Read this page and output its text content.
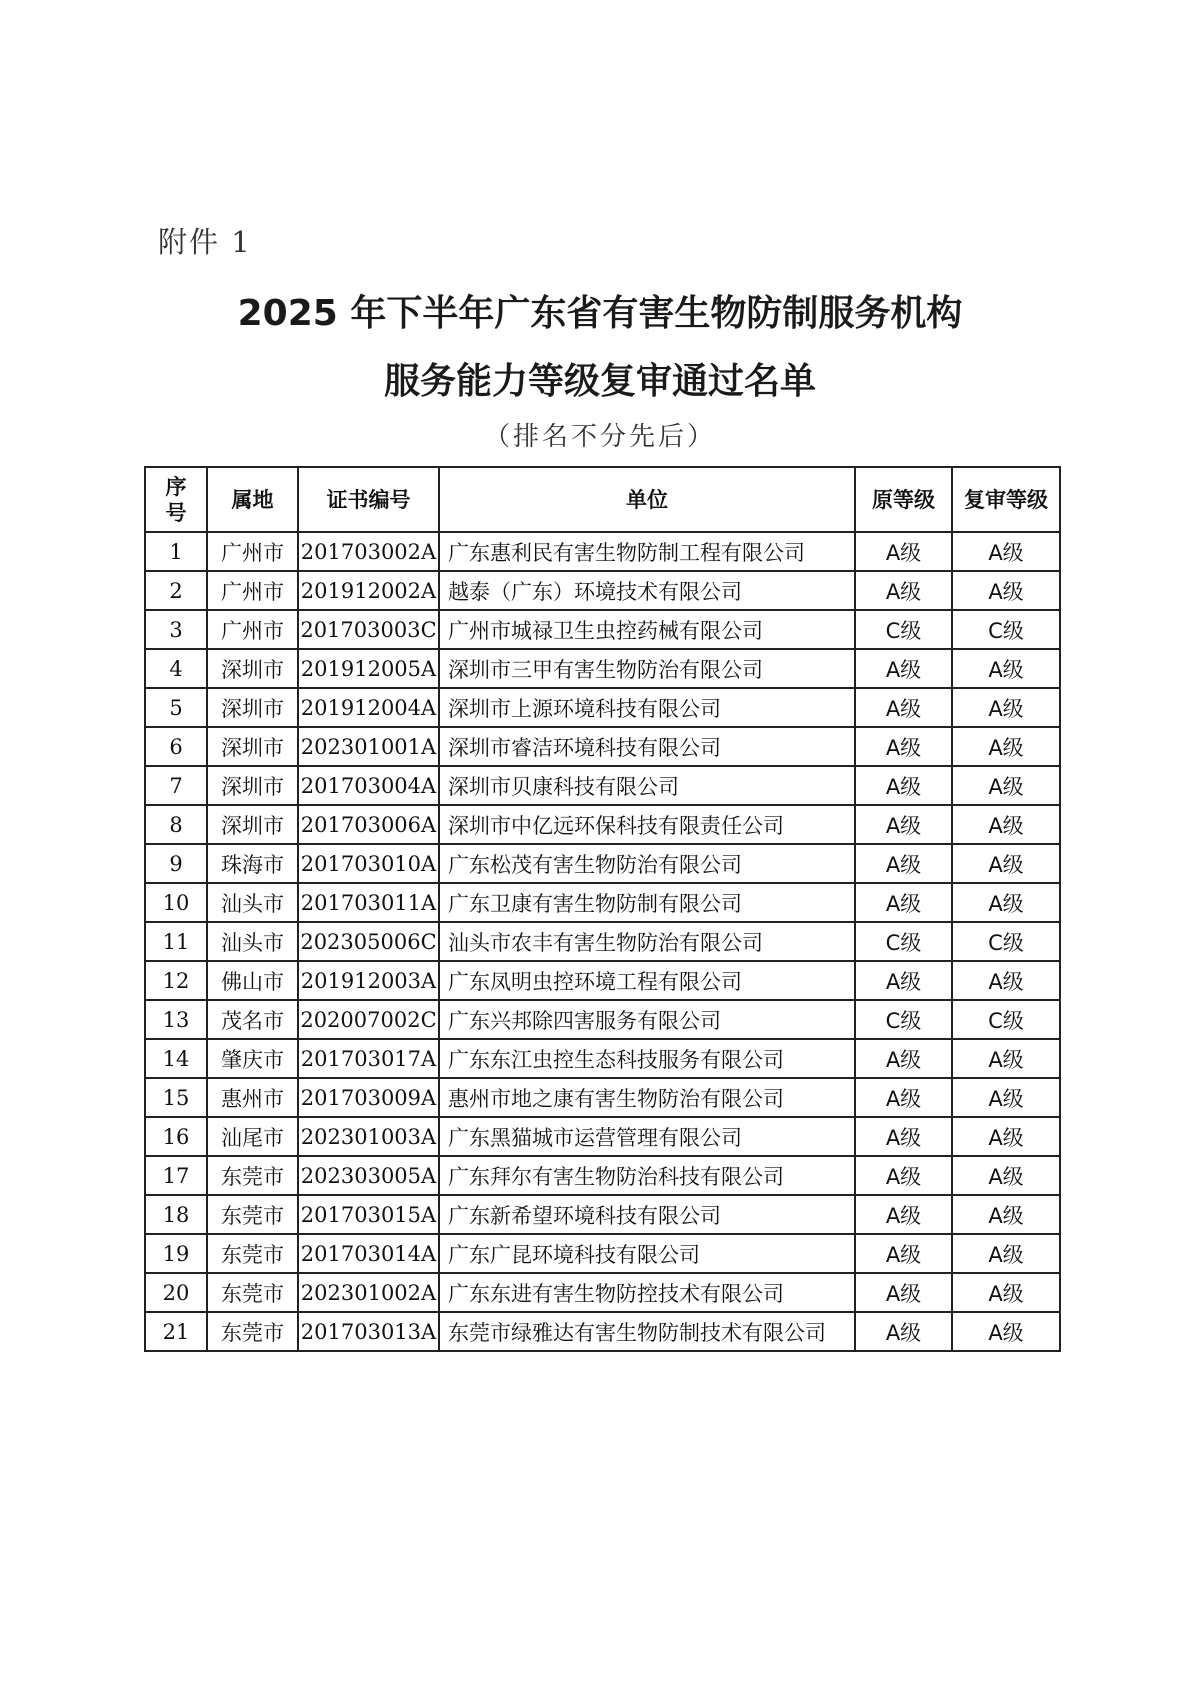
附件 1
2025 年下半年广东省有害生物防制服务机构
服务能力等级复审通过名单
（排名不分先后）
序
号	属地	证书编号	单位	原等级	复审等级
1	广州市	201703002A	广东惠利民有害生物防制工程有限公司	A级	A级
2	广州市	201912002A	越泰（广东）环境技术有限公司	A级	A级
3	广州市	201703003C	广州市城禄卫生虫控药械有限公司	C级	C级
4	深圳市	201912005A	深圳市三甲有害生物防治有限公司	A级	A级
5	深圳市	201912004A	深圳市上源环境科技有限公司	A级	A级
6	深圳市	202301001A	深圳市睿洁环境科技有限公司	A级	A级
7	深圳市	201703004A	深圳市贝康科技有限公司	A级	A级
8	深圳市	201703006A	深圳市中亿远环保科技有限责任公司	A级	A级
9	珠海市	201703010A	广东松茂有害生物防治有限公司	A级	A级
10	汕头市	201703011A	广东卫康有害生物防制有限公司	A级	A级
11	汕头市	202305006C	汕头市农丰有害生物防治有限公司	C级	C级
12	佛山市	201912003A	广东凤明虫控环境工程有限公司	A级	A级
13	茂名市	202007002C	广东兴邦除四害服务有限公司	C级	C级
14	肇庆市	201703017A	广东东江虫控生态科技服务有限公司	A级	A级
15	惠州市	201703009A	惠州市地之康有害生物防治有限公司	A级	A级
16	汕尾市	202301003A	广东黑猫城市运营管理有限公司	A级	A级
17	东莞市	202303005A	广东拜尔有害生物防治科技有限公司	A级	A级
18	东莞市	201703015A	广东新希望环境科技有限公司	A级	A级
19	东莞市	201703014A	广东广昆环境科技有限公司	A级	A级
20	东莞市	202301002A	广东东进有害生物防控技术有限公司	A级	A级
21	东莞市	201703013A	东莞市绿雅达有害生物防制技术有限公司	A级	A级
